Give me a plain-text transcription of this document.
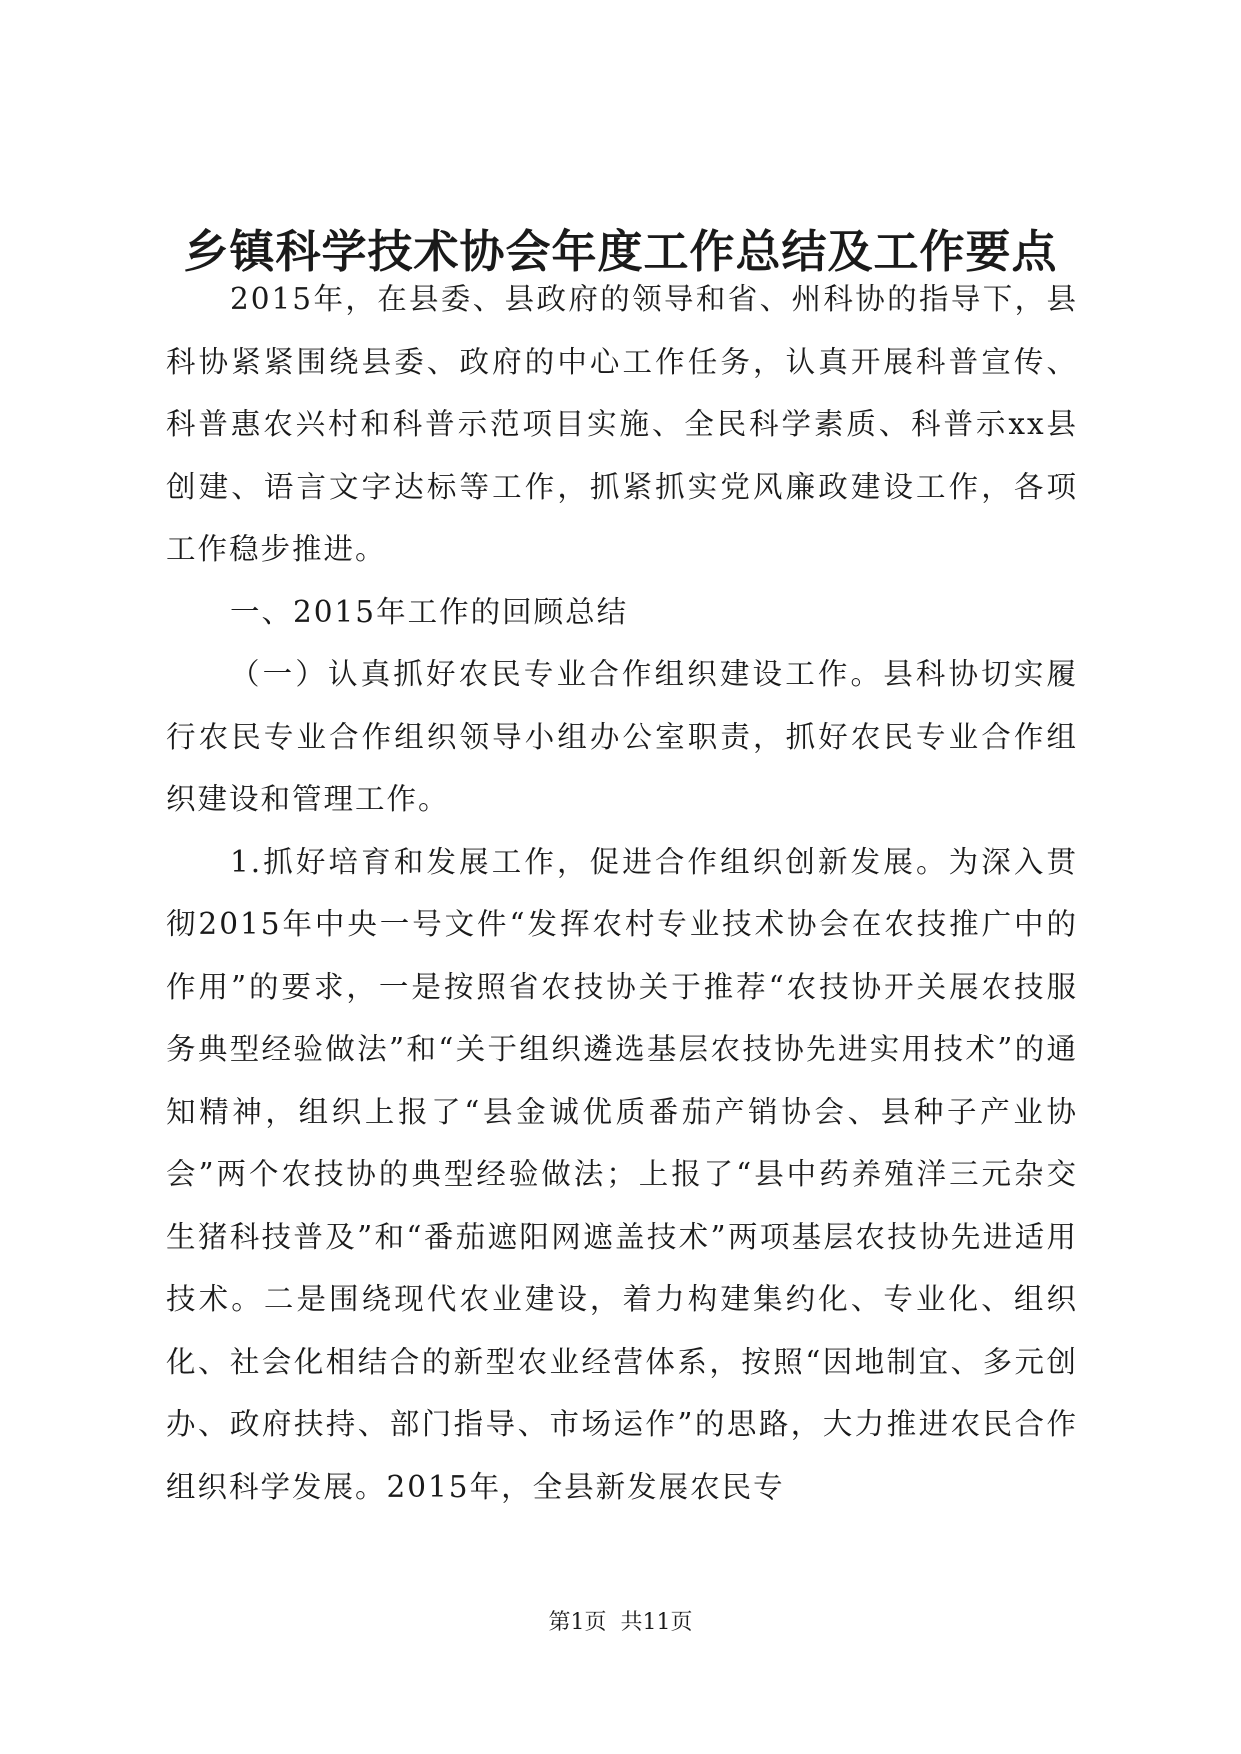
乡镇科学技术协会年度工作总结及工作要点

2015年，在县委、县政府的领导和省、州科协的指导下，县科协紧紧围绕县委、政府的中心工作任务，认真开展科普宣传、科普惠农兴村和科普示范项目实施、全民科学素质、科普示xx县创建、语言文字达标等工作，抓紧抓实党风廉政建设工作，各项工作稳步推进。

一、2015年工作的回顾总结

（一）认真抓好农民专业合作组织建设工作。县科协切实履行农民专业合作组织领导小组办公室职责，抓好农民专业合作组织建设和管理工作。

1.抓好培育和发展工作，促进合作组织创新发展。为深入贯彻2015年中央一号文件“发挥农村专业技术协会在农技推广中的作用”的要求，一是按照省农技协关于推荐“农技协开关展农技服务典型经验做法”和“关于组织遴选基层农技协先进实用技术”的通知精神，组织上报了“县金诚优质番茄产销协会、县种子产业协会”两个农技协的典型经验做法；上报了“县中药养殖洋三元杂交生猪科技普及”和“番茄遮阳网遮盖技术”两项基层农技协先进适用技术。二是围绕现代农业建设，着力构建集约化、专业化、组织化、社会化相结合的新型农业经营体系，按照“因地制宜、多元创办、政府扶持、部门指导、市场运作”的思路，大力推进农民合作组织科学发展。2015年，全县新发展农民专

第1页  共11页
